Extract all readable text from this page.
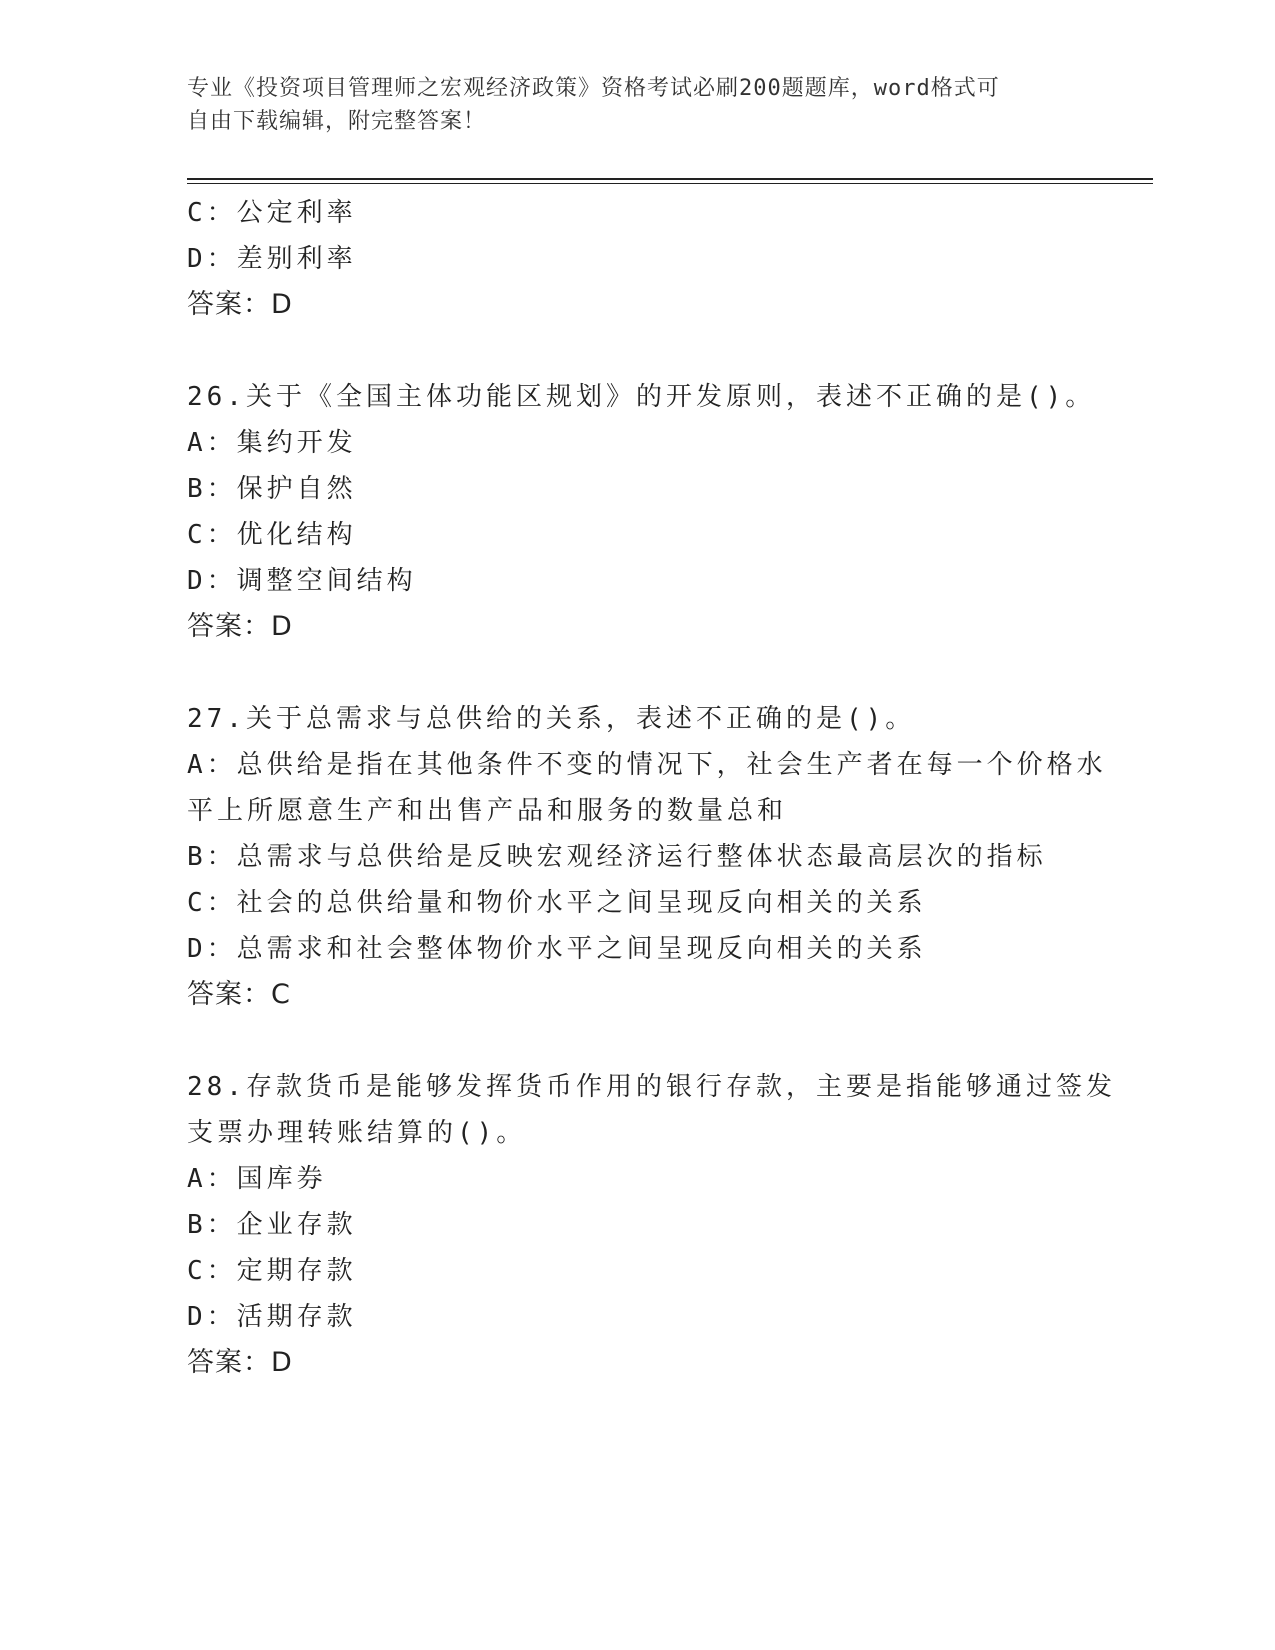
专业《投资项目管理师之宏观经济政策》资格考试必刷200题题库，word格式可
自由下载编辑，附完整答案！
C：公定利率
D：差别利率
答案：D
26.关于《全国主体功能区规划》的开发原则，表述不正确的是()。
A：集约开发
B：保护自然
C：优化结构
D：调整空间结构
答案：D
27.关于总需求与总供给的关系，表述不正确的是()。
A：总供给是指在其他条件不变的情况下，社会生产者在每一个价格水
平上所愿意生产和出售产品和服务的数量总和
B：总需求与总供给是反映宏观经济运行整体状态最高层次的指标
C：社会的总供给量和物价水平之间呈现反向相关的关系
D：总需求和社会整体物价水平之间呈现反向相关的关系
答案：C
28.存款货币是能够发挥货币作用的银行存款，主要是指能够通过签发
支票办理转账结算的()。
A：国库券
B：企业存款
C：定期存款
D：活期存款
答案：D
